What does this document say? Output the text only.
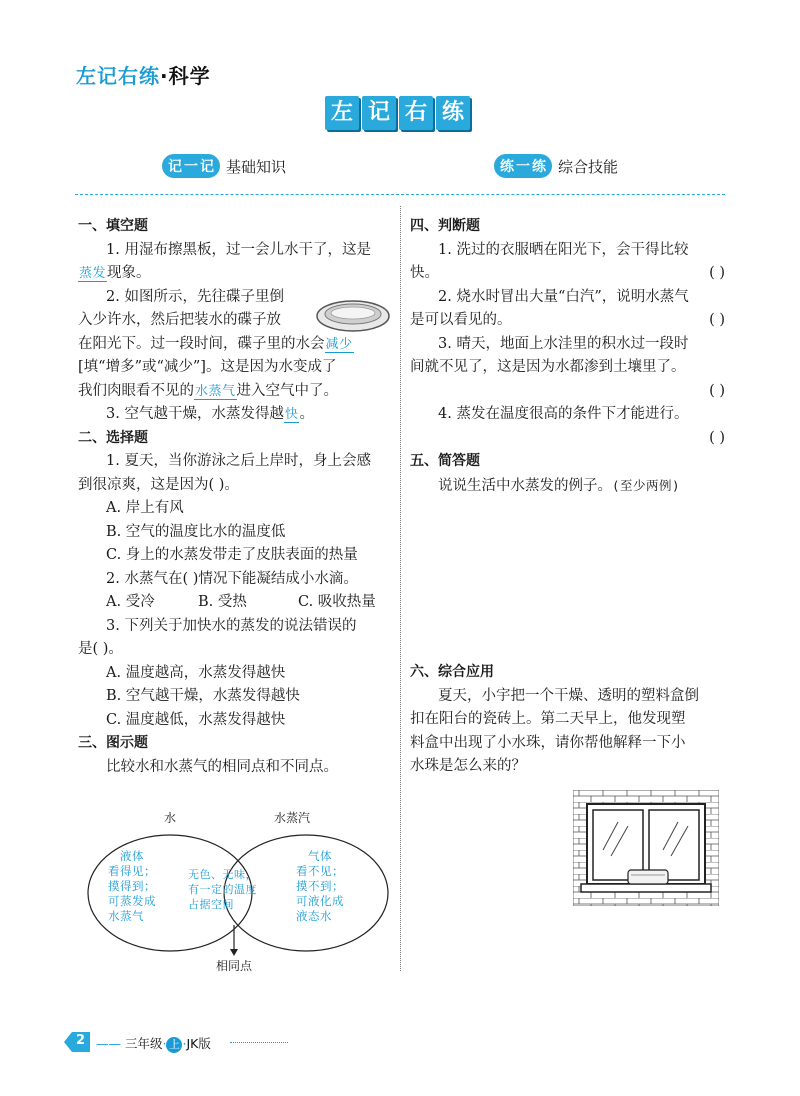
左记右练·科学
左 记 右 练
记 一 记 基础知识	练 一 练 综合技能
一、填空题
1. 用湿布擦黑板，过一会儿水干了，这是
蒸发现象。
2. 如图所示，先往碟子里倒
入少许水，然后把装水的碟子放
在阳光下。过一段时间，碟子里的水会减少
[填“增多”或“减少”]。这是因为水变成了
我们肉眼看不见的水蒸气进入空气中了。
3. 空气越干燥，水蒸发得越快。
二、选择题
1. 夏天，当你游泳之后上岸时，身上会感
到很凉爽，这是因为( )。
A. 岸上有风
B. 空气的温度比水的温度低
C. 身上的水蒸发带走了皮肤表面的热量
2. 水蒸气在( )情况下能凝结成小水滴。
A. 受冷	B. 受热	C. 吸收热量
3. 下列关于加快水的蒸发的说法错误的
是( )。
A. 温度越高，水蒸发得越快
B. 空气越干燥，水蒸发得越快
C. 温度越低，水蒸发得越快
三、图示题
比较水和水蒸气的相同点和不同点。
水	水蒸汽
相同点
液体
看得见；
摸得到；
可蒸发成
水蒸气
无色、无味，
有一定的温度
占据空间
气体
看不见；
摸不到；
可液化成
液态水
四、判断题
1. 洗过的衣服晒在阳光下，会干得比较
快。	( )
2. 烧水时冒出大量“白汽”，说明水蒸气
是可以看见的。	( )
3. 晴天，地面上水洼里的积水过一段时
间就不见了，这是因为水都渗到土壤里了。
( )
4. 蒸发在温度很高的条件下才能进行。
( )
五、简答题
说说生活中水蒸发的例子。(至少两例)
六、综合应用
夏天，小宇把一个干燥、透明的塑料盒倒
扣在阳台的瓷砖上。第二天早上，他发现塑
料盒中出现了小水珠，请你帮他解释一下小
水珠是怎么来的？
2 —— 三年级· 上 ·JK版
